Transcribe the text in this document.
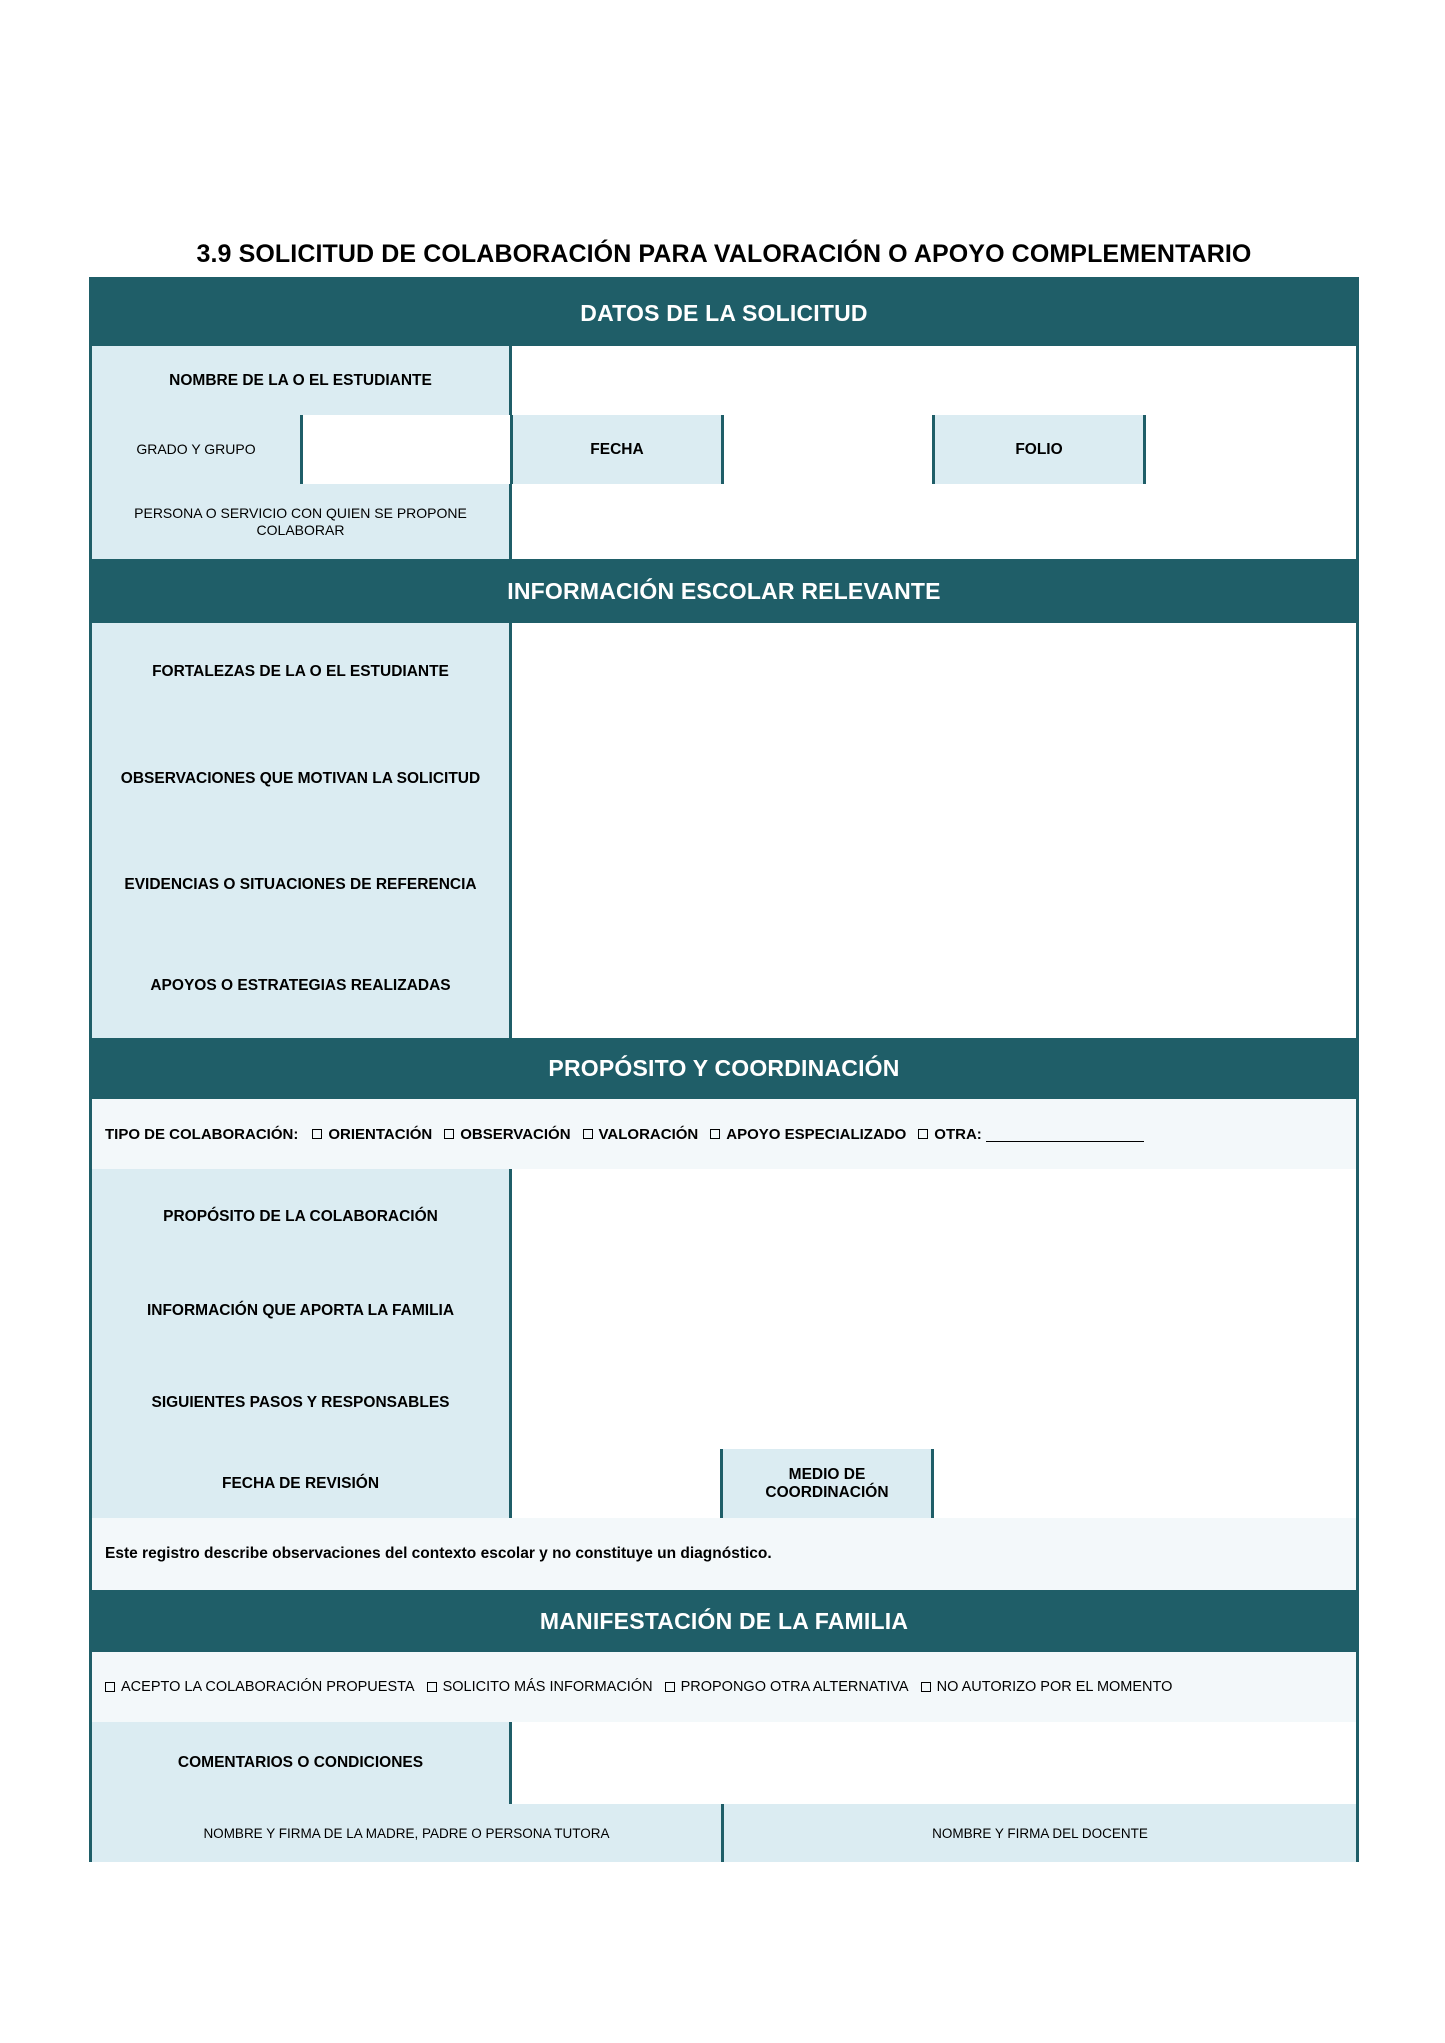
3.9 SOLICITUD DE COLABORACIÓN PARA VALORACIÓN O APOYO COMPLEMENTARIO
DATOS DE LA SOLICITUD
NOMBRE DE LA O EL ESTUDIANTE
GRADO Y GRUPO	FECHA	FOLIO
PERSONA O SERVICIO CON QUIEN SE PROPONE COLABORAR
INFORMACIÓN ESCOLAR RELEVANTE
FORTALEZAS DE LA O EL ESTUDIANTE
OBSERVACIONES QUE MOTIVAN LA SOLICITUD
EVIDENCIAS O SITUACIONES DE REFERENCIA
APOYOS O ESTRATEGIAS REALIZADAS
PROPÓSITO Y COORDINACIÓN
TIPO DE COLABORACIÓN: ORIENTACIÓN OBSERVACIÓN VALORACIÓN APOYO ESPECIALIZADO OTRA:
PROPÓSITO DE LA COLABORACIÓN
INFORMACIÓN QUE APORTA LA FAMILIA
SIGUIENTES PASOS Y RESPONSABLES
FECHA DE REVISIÓN
MEDIO DE COORDINACIÓN
Este registro describe observaciones del contexto escolar y no constituye un diagnóstico.
MANIFESTACIÓN DE LA FAMILIA
ACEPTO LA COLABORACIÓN PROPUESTA SOLICITO MÁS INFORMACIÓN PROPONGO OTRA ALTERNATIVA NO AUTORIZO POR EL MOMENTO
COMENTARIOS O CONDICIONES
NOMBRE Y FIRMA DE LA MADRE, PADRE O PERSONA TUTORA	NOMBRE Y FIRMA DEL DOCENTE
